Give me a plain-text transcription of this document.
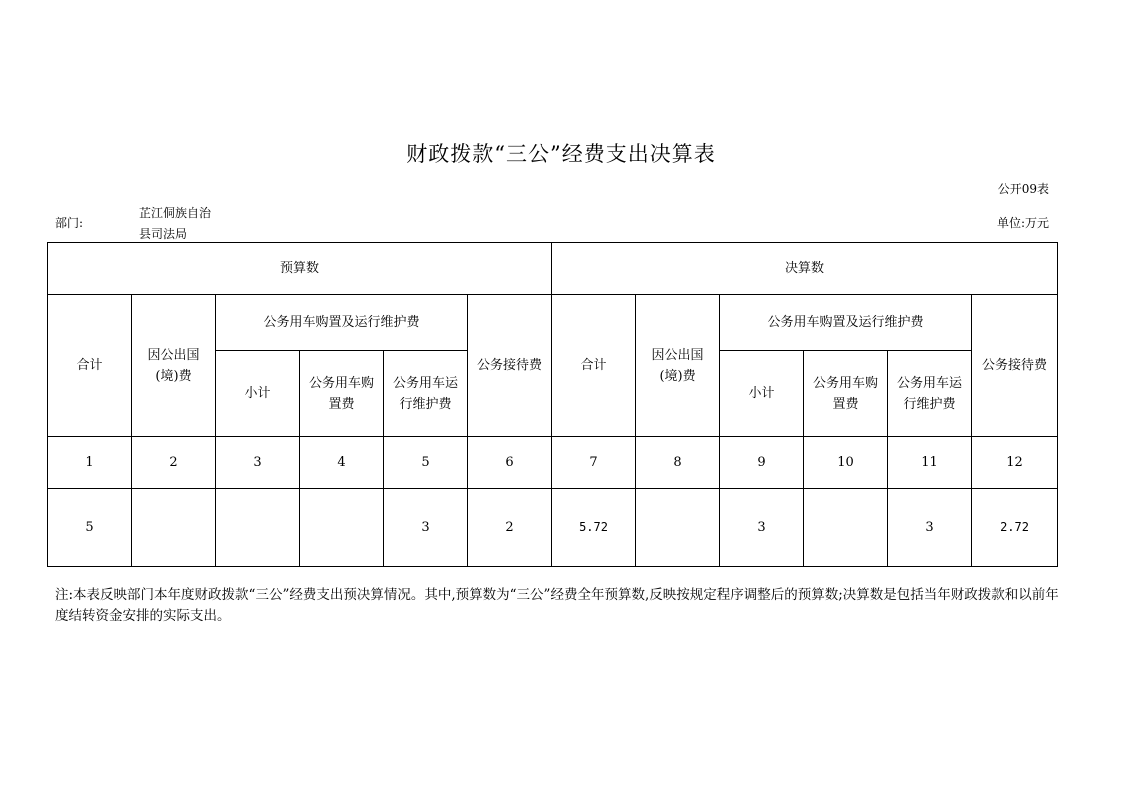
财政拨款“三公”经费支出决算表
公开09表
部门:
芷江侗族自治县司法局
单位:万元
预算数						决算数					
合计	因公出国(境)费	公务用车购置及运行维护费			公务接待费	合计	因公出国(境)费	公务用车购置及运行维护费			公务接待费
		小计	公务用车购置费	公务用车运行维护费				小计	公务用车购置费	公务用车运行维护费	
1	2	3	4	5	6	7	8	9	10	11	12
5				3	2	5.72		3		3	2.72
注:本表反映部门本年度财政拨款“三公”经费支出预决算情况。其中,预算数为“三公”经费全年预算数,反映按规定程序调整后的预算数;决算数是包括当年财政拨款和以前年度结转资金安排的实际支出。
